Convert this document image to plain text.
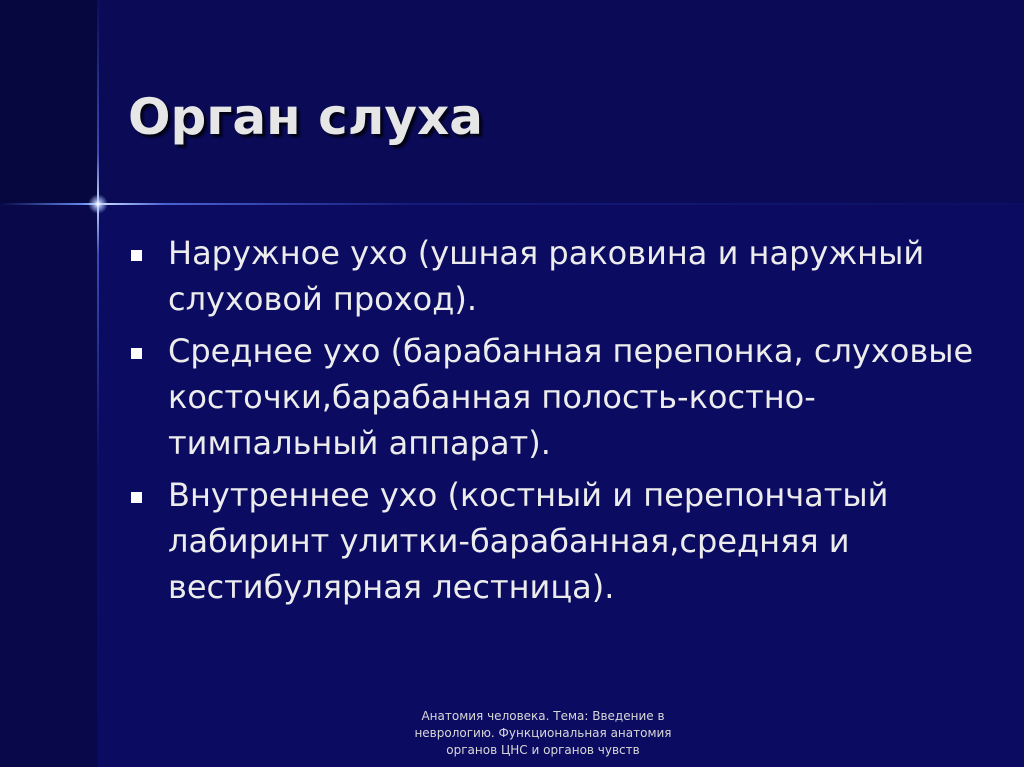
Орган слуха
Наружное ухо (ушная раковина и наружный слуховой проход).
Среднее ухо (барабанная перепонка, слуховые косточки,барабанная полость-костно-тимпальный аппарат).
Внутреннее ухо (костный и перепончатый лабиринт улитки-барабанная,средняя и вестибулярная лестница).
Анатомия человека. Тема: Введение в неврологию. Функциональная анатомия органов ЦНС и органов чувств
